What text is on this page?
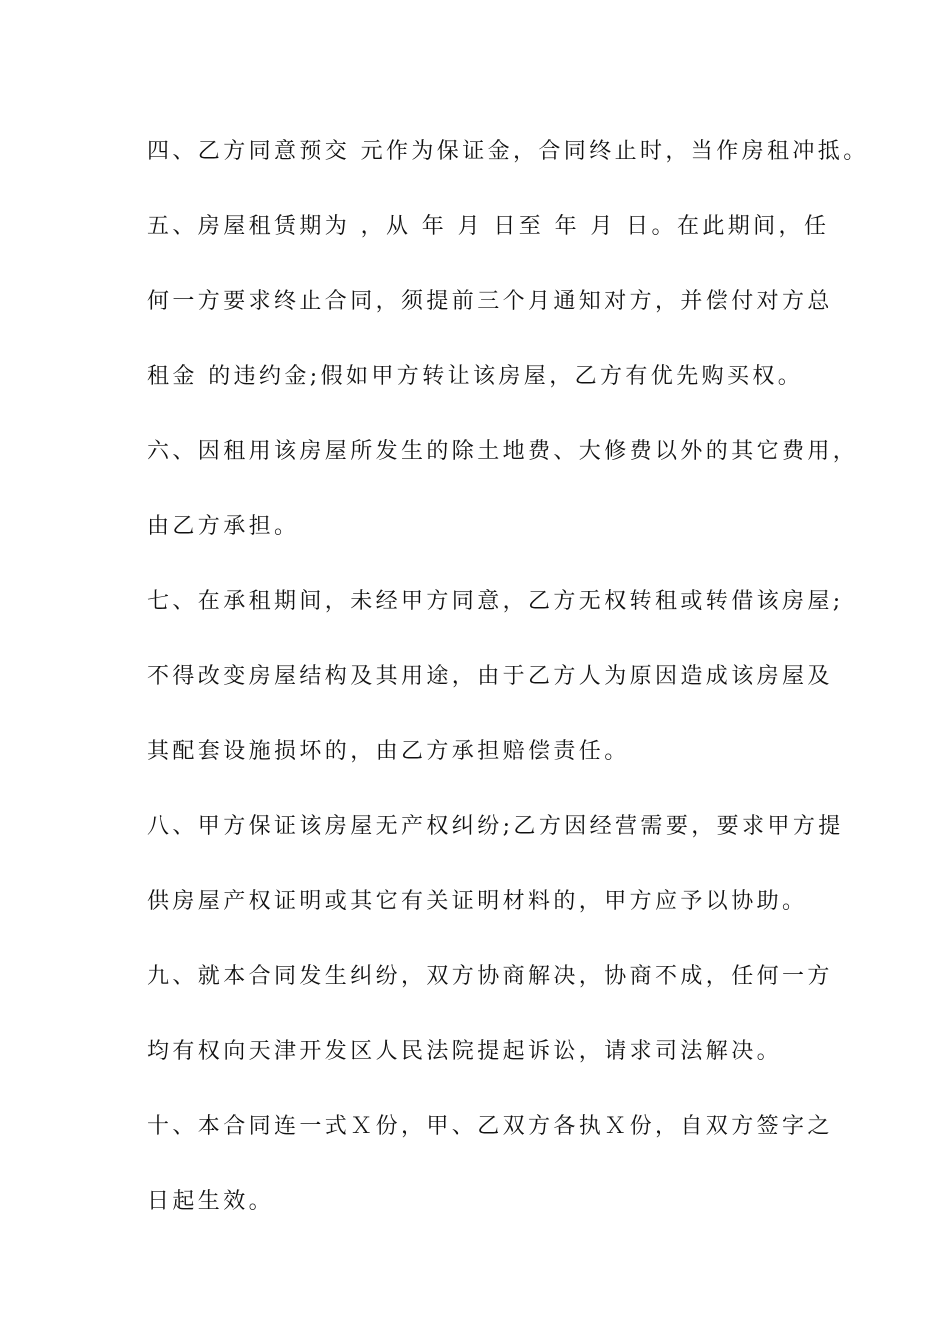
四、乙方同意预交 元作为保证金，合同终止时，当作房租冲抵。
五、房屋租赁期为 ，从 年 月 日至 年 月 日。在此期间，任
何一方要求终止合同，须提前三个月通知对方，并偿付对方总
租金 的违约金;假如甲方转让该房屋，乙方有优先购买权。
六、因租用该房屋所发生的除土地费、大修费以外的其它费用，
由乙方承担。
七、在承租期间，未经甲方同意，乙方无权转租或转借该房屋;
不得改变房屋结构及其用途，由于乙方人为原因造成该房屋及
其配套设施损坏的，由乙方承担赔偿责任。
八、甲方保证该房屋无产权纠纷;乙方因经营需要，要求甲方提
供房屋产权证明或其它有关证明材料的，甲方应予以协助。
九、就本合同发生纠纷，双方协商解决，协商不成，任何一方
均有权向天津开发区人民法院提起诉讼，请求司法解决。
十、本合同连一式Ｘ份，甲、乙双方各执Ｘ份，自双方签字之
日起生效。
